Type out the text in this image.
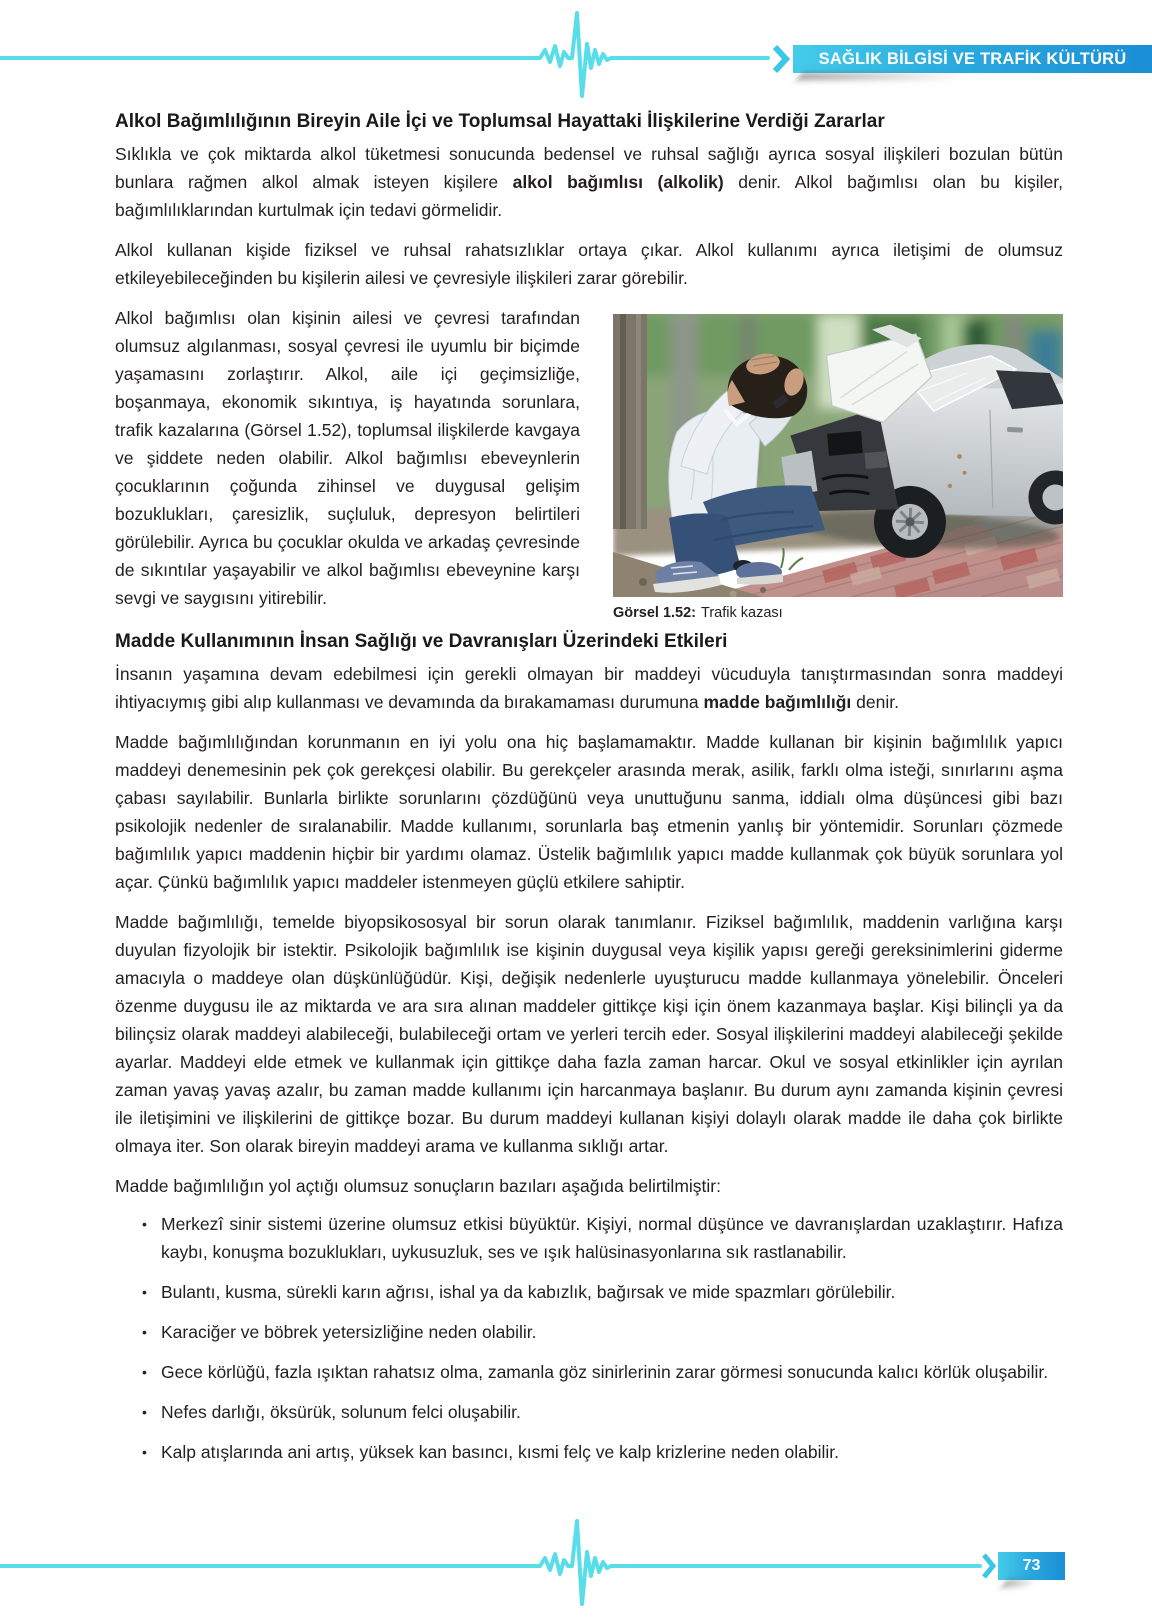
SAĞLIK BİLGİSİ VE TRAFİK KÜLTÜRÜ
Alkol Bağımlılığının Bireyin Aile İçi ve Toplumsal Hayattaki İlişkilerine Verdiği Zararlar

Sıklıkla ve çok miktarda alkol tüketmesi sonucunda bedensel ve ruhsal sağlığı ayrıca sosyal ilişkileri bozulan bütün bunlara rağmen alkol almak isteyen kişilere alkol bağımlısı (alkolik) denir. Alkol bağımlısı olan bu kişiler, bağımlılıklarından kurtulmak için tedavi görmelidir.

Alkol kullanan kişide fiziksel ve ruhsal rahatsızlıklar ortaya çıkar. Alkol kullanımı ayrıca iletişimi de olumsuz etkileyebileceğinden bu kişilerin ailesi ve çevresiyle ilişkileri zarar görebilir.

Görsel 1.52: Trafik kazası

Alkol bağımlısı olan kişinin ailesi ve çevresi tarafından olumsuz algılanması, sosyal çevresi ile uyumlu bir biçimde yaşamasını zorlaştırır. Alkol, aile içi geçimsizliğe, boşanmaya, ekonomik sıkıntıya, iş hayatında sorunlara, trafik kazalarına (Görsel 1.52), toplumsal ilişkilerde kavgaya ve şiddete neden olabilir. Alkol bağımlısı ebeveynlerin çocuklarının çoğunda zihinsel ve duygusal gelişim bozuklukları, çaresizlik, suçluluk, depresyon belirtileri görülebilir. Ayrıca bu çocuklar okulda ve arkadaş çevresinde de sıkıntılar yaşayabilir ve alkol bağımlısı ebeveynine karşı sevgi ve saygısını yitirebilir.

Madde Kullanımının İnsan Sağlığı ve Davranışları Üzerindeki Etkileri

İnsanın yaşamına devam edebilmesi için gerekli olmayan bir maddeyi vücuduyla tanıştırmasından sonra maddeyi ihtiyacıymış gibi alıp kullanması ve devamında da bırakamaması durumuna madde bağımlılığı denir.

Madde bağımlılığından korunmanın en iyi yolu ona hiç başlamamaktır. Madde kullanan bir kişinin bağımlılık yapıcı maddeyi denemesinin pek çok gerekçesi olabilir. Bu gerekçeler arasında merak, asilik, farklı olma isteği, sınırlarını aşma çabası sayılabilir. Bunlarla birlikte sorunlarını çözdüğünü veya unuttuğunu sanma, iddialı olma düşüncesi gibi bazı psikolojik nedenler de sıralanabilir. Madde kullanımı, sorunlarla baş etmenin yanlış bir yöntemidir. Sorunları çözmede bağımlılık yapıcı maddenin hiçbir bir yardımı olamaz. Üstelik bağımlılık yapıcı madde kullanmak çok büyük sorunlara yol açar. Çünkü bağımlılık yapıcı maddeler istenmeyen güçlü etkilere sahiptir.

Madde bağımlılığı, temelde biyopsikososyal bir sorun olarak tanımlanır. Fiziksel bağımlılık, maddenin varlığına karşı duyulan fizyolojik bir istektir. Psikolojik bağımlılık ise kişinin duygusal veya kişilik yapısı gereği gereksinimlerini giderme amacıyla o maddeye olan düşkünlüğüdür. Kişi, değişik nedenlerle uyuşturucu madde kullanmaya yönelebilir. Önceleri özenme duygusu ile az miktarda ve ara sıra alınan maddeler gittikçe kişi için önem kazanmaya başlar. Kişi bilinçli ya da bilinçsiz olarak maddeyi alabileceği, bulabileceği ortam ve yerleri tercih eder. Sosyal ilişkilerini maddeyi alabileceği şekilde ayarlar. Maddeyi elde etmek ve kullanmak için gittikçe daha fazla zaman harcar. Okul ve sosyal etkinlikler için ayrılan zaman yavaş yavaş azalır, bu zaman madde kullanımı için harcanmaya başlanır. Bu durum aynı zamanda kişinin çevresi ile iletişimini ve ilişkilerini de gittikçe bozar. Bu durum maddeyi kullanan kişiyi dolaylı olarak madde ile daha çok birlikte olmaya iter. Son olarak bireyin maddeyi arama ve kullanma sıklığı artar.

Madde bağımlılığın yol açtığı olumsuz sonuçların bazıları aşağıda belirtilmiştir:

• Merkezî sinir sistemi üzerine olumsuz etkisi büyüktür. Kişiyi, normal düşünce ve davranışlardan uzaklaştırır. Hafıza kaybı, konuşma bozuklukları, uykusuzluk, ses ve ışık halüsinasyonlarına sık rastlanabilir.
• Bulantı, kusma, sürekli karın ağrısı, ishal ya da kabızlık, bağırsak ve mide spazmları görülebilir.
• Karaciğer ve böbrek yetersizliğine neden olabilir.
• Gece körlüğü, fazla ışıktan rahatsız olma, zamanla göz sinirlerinin zarar görmesi sonucunda kalıcı körlük oluşabilir.
• Nefes darlığı, öksürük, solunum felci oluşabilir.
• Kalp atışlarında ani artış, yüksek kan basıncı, kısmi felç ve kalp krizlerine neden olabilir.
73
